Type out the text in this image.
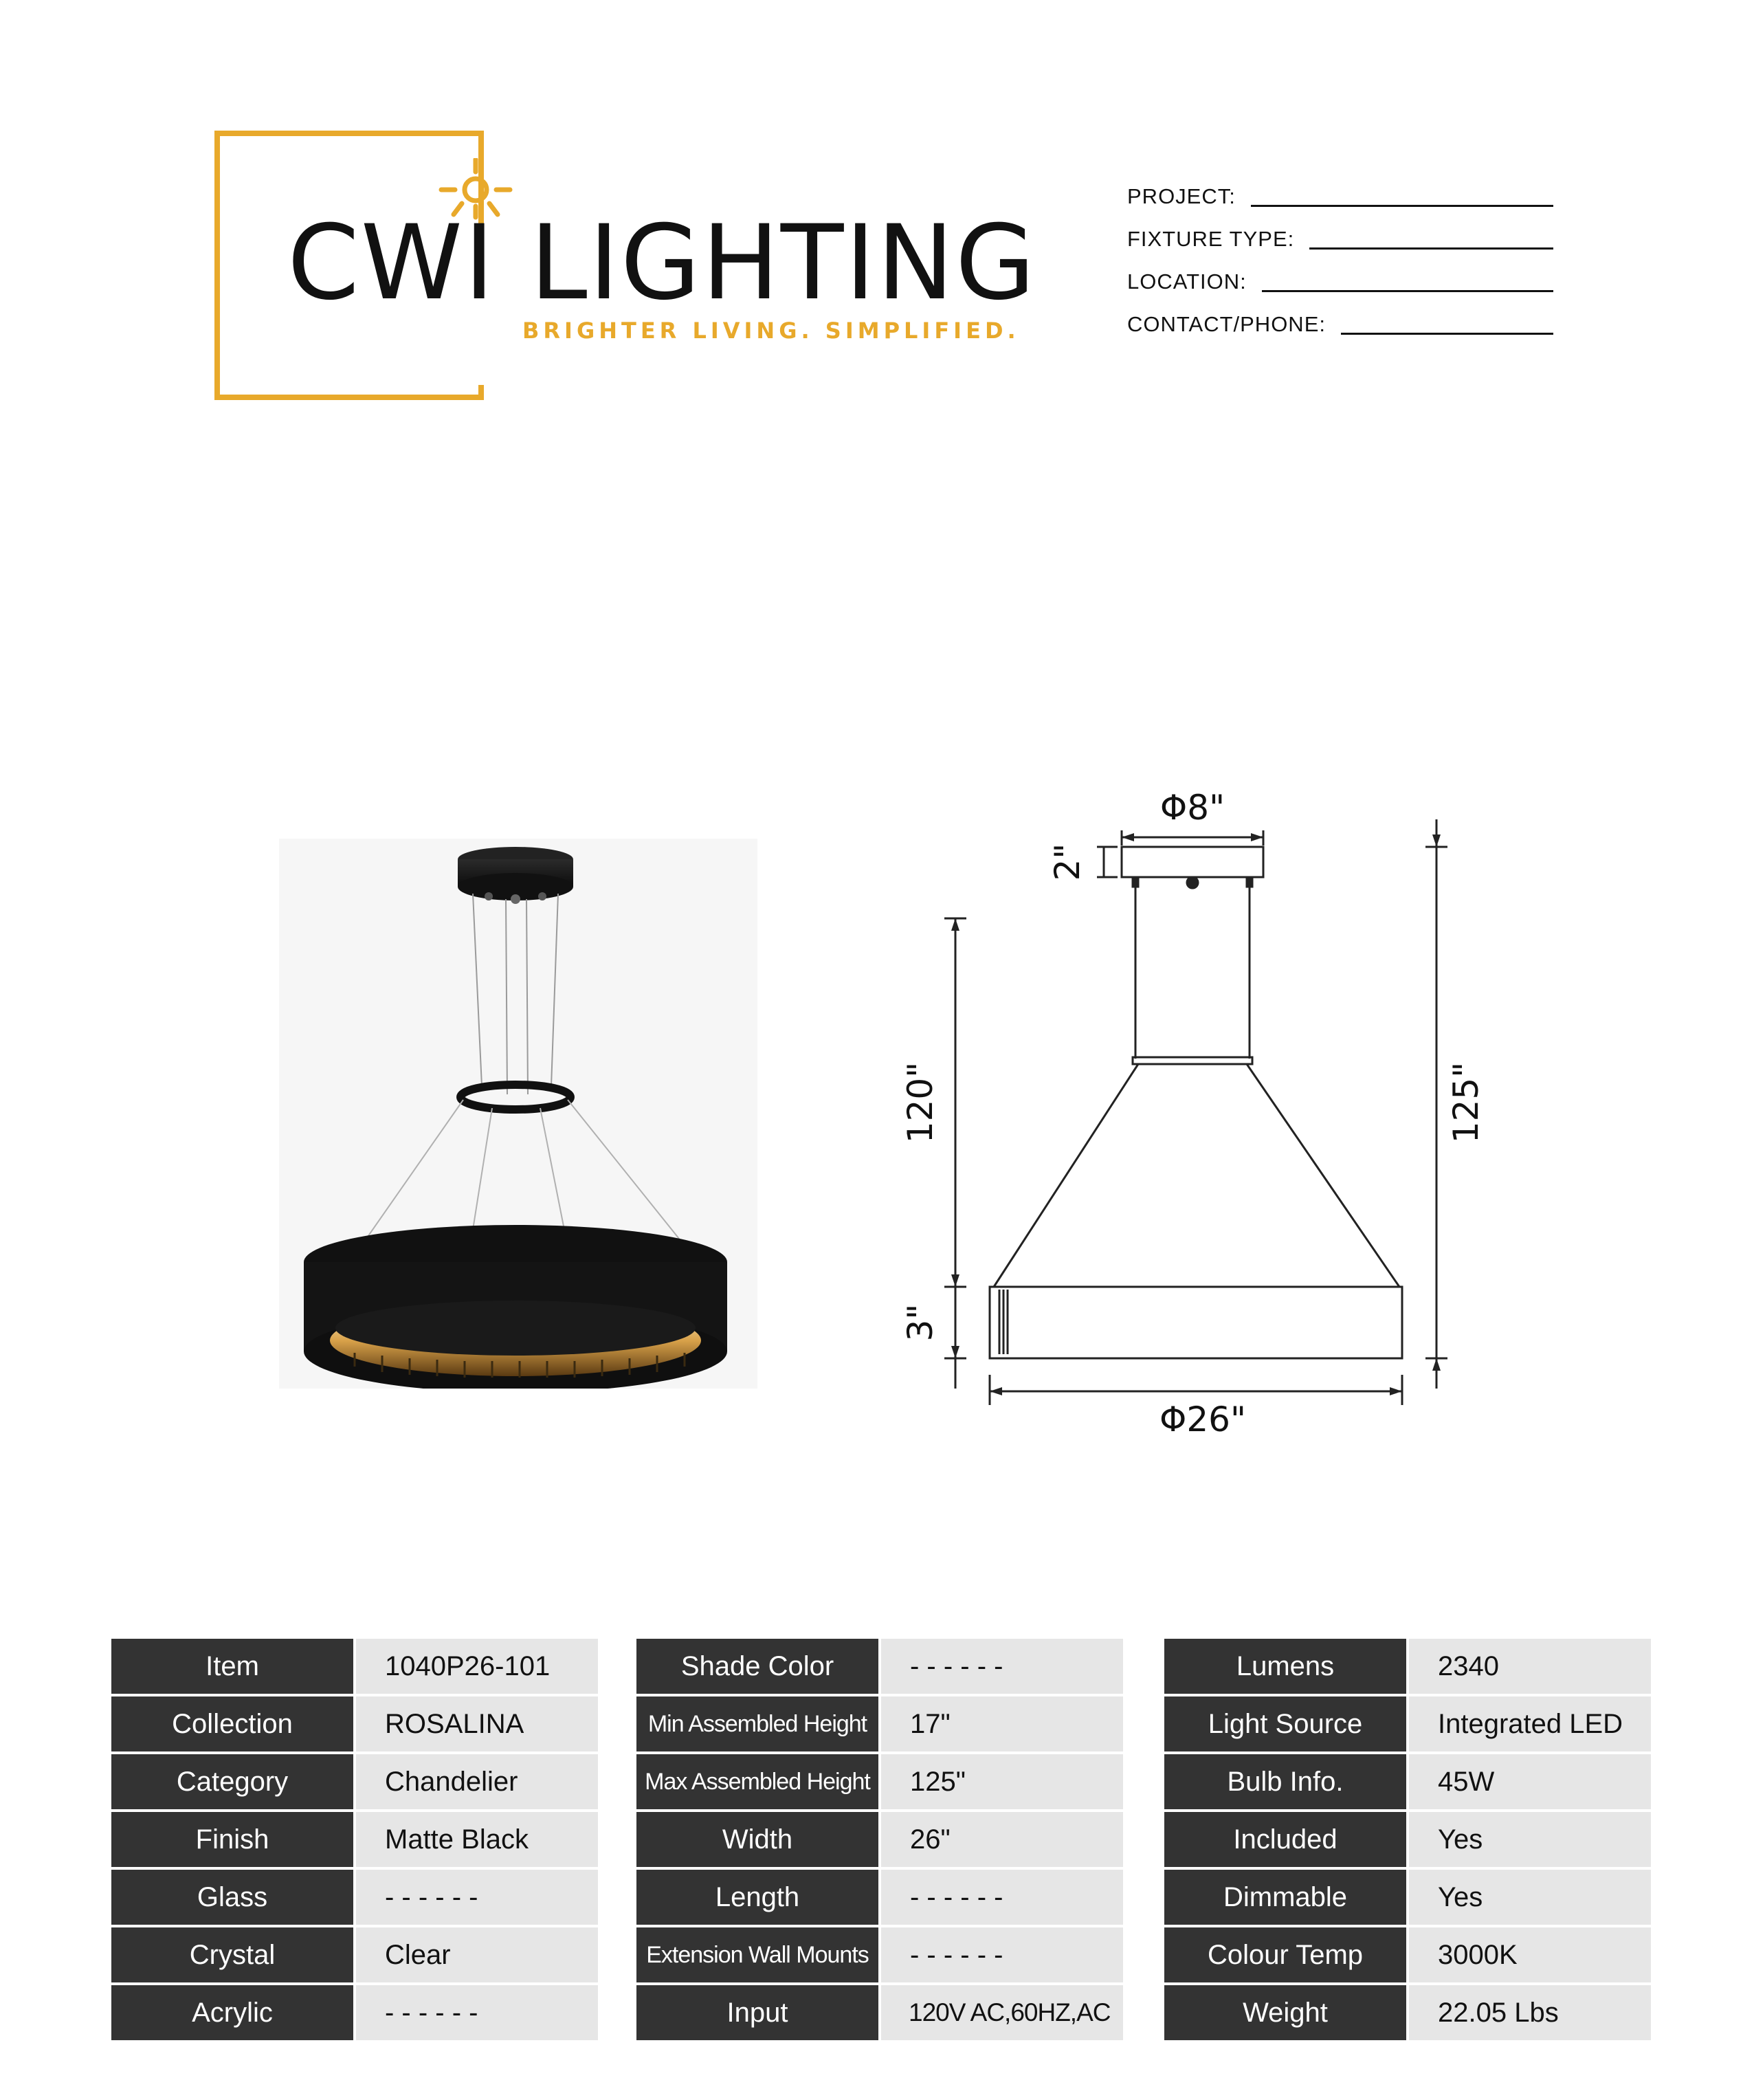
CWI LIGHTING
BRIGHTER LIVING. SIMPLIFIED.
PROJECT:
FIXTURE TYPE:
LOCATION:
CONTACT/PHONE:
Φ8"
2"
120"
3"
125"
Φ26"
Item	1040P26-101
Collection	ROSALINA
Category	Chandelier
Finish	Matte Black
Glass	- - - - - -
Crystal	Clear
Acrylic	- - - - - -
Shade Color	- - - - - -
Min Assembled Height	17"
Max Assembled Height	125"
Width	26"
Length	- - - - - -
Extension Wall Mounts	- - - - - -
Input	120V AC,60HZ,AC
Lumens	2340
Light Source	Integrated LED
Bulb Info.	45W
Included	Yes
Dimmable	Yes
Colour Temp	3000K
Weight	22.05 Lbs
